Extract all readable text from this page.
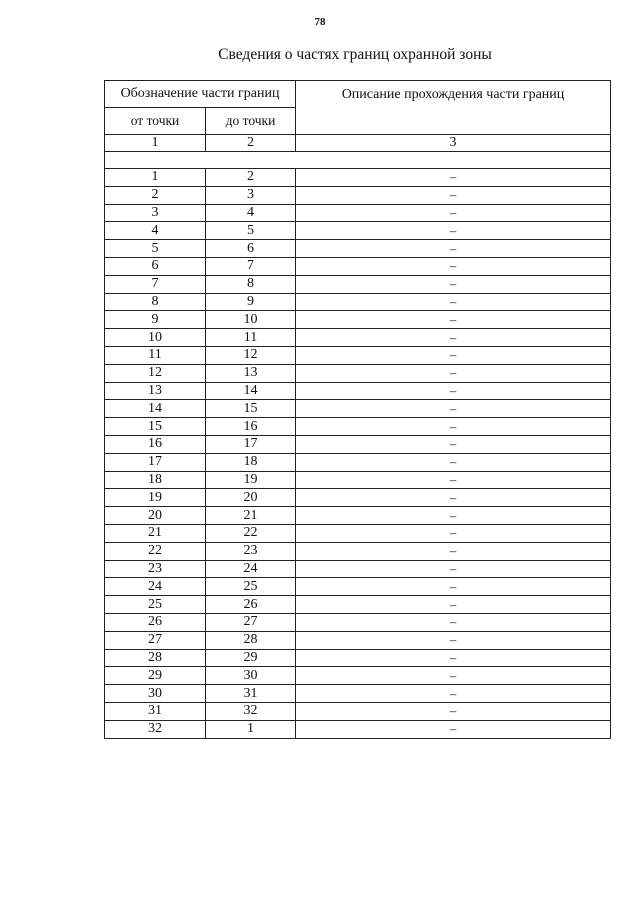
78
Сведения о частях границ охранной зоны
Обозначение части границ		Описание прохождения части границ
от точки	до точки	
1	2	3

1	2	–
2	3	–
3	4	–
4	5	–
5	6	–
6	7	–
7	8	–
8	9	–
9	10	–
10	11	–
11	12	–
12	13	–
13	14	–
14	15	–
15	16	–
16	17	–
17	18	–
18	19	–
19	20	–
20	21	–
21	22	–
22	23	–
23	24	–
24	25	–
25	26	–
26	27	–
27	28	–
28	29	–
29	30	–
30	31	–
31	32	–
32	1	–
